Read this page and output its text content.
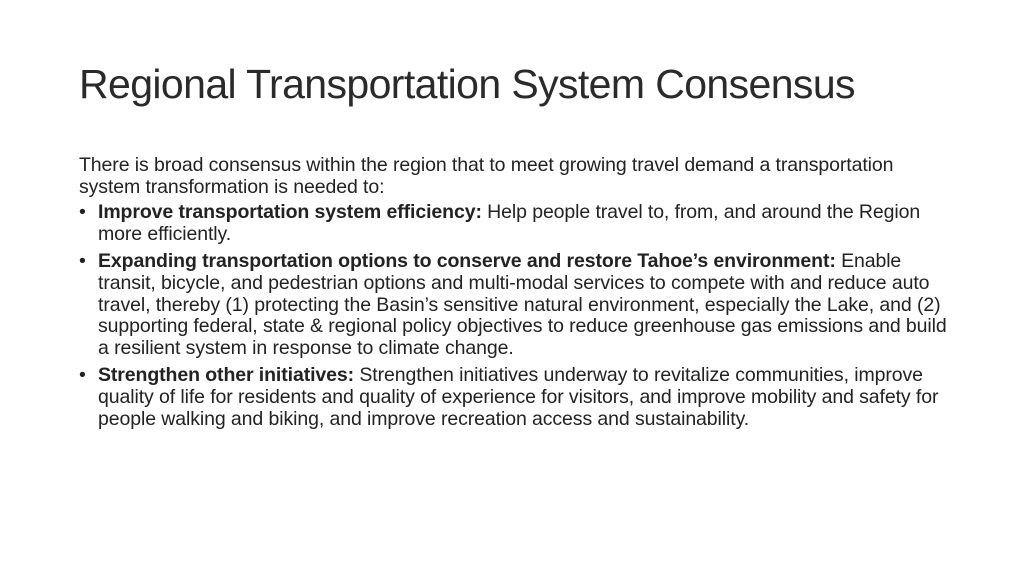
Regional Transportation System Consensus

There is broad consensus within the region that to meet growing travel demand a transportation system transformation is needed to:

• Improve transportation system efficiency: Help people travel to, from, and around the Region more efficiently.
• Expanding transportation options to conserve and restore Tahoe’s environment: Enable transit, bicycle, and pedestrian options and multi-modal services to compete with and reduce auto travel, thereby (1) protecting the Basin’s sensitive natural environment, especially the Lake, and (2) supporting federal, state & regional policy objectives to reduce greenhouse gas emissions and build a resilient system in response to climate change.
• Strengthen other initiatives: Strengthen initiatives underway to revitalize communities, improve quality of life for residents and quality of experience for visitors, and improve mobility and safety for people walking and biking, and improve recreation access and sustainability.
